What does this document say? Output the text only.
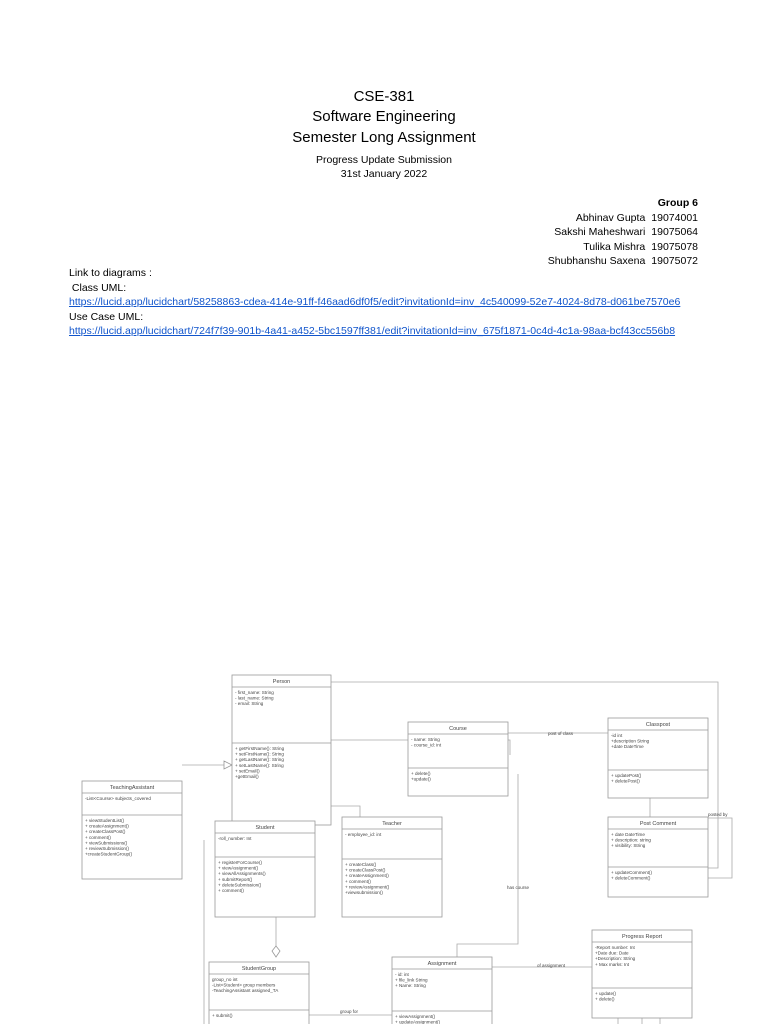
CSE-381
Software Engineering
Semester Long Assignment
Progress Update Submission
31st January 2022
Group 6
Abhinav Gupta	19074001
Sakshi Maheshwari	19075064
Tulika Mishra	19075078
Shubhanshu Saxena	19075072
Link to diagrams :
Class UML:
https://lucid.app/lucidchart/58258863-cdea-414e-91ff-f46aad6df0f5/edit?invitationId=inv_4c540099-52e7-4024-8d78-d061be7570e6
Use Case UML:
https://lucid.app/lucidchart/724f7f39-901b-4a41-a452-5bc1597ff381/edit?invitationId=inv_675f1871-0c4d-4c1a-98aa-bcf43cc556b8
Person
- first_name: String
- last_name: String
- email: String
+ getFirstName(): String
+ setFirstName(): String
+ getLastName(): String
+ setLastName(): String
+ setEmail()
+getEmail()
Course
- name: String
- course_id: int
+ delete()
+update()
Classpost
-id int
+description String
+date DateTime
+ updatePost()
+ deletePost()
TeachingAssistant
-List<Course> subjects_covered
+ viewStudentList()
+ createAssignment()
+ createClassPost()
+ comment()
+ viewSubmissions()
+ reviewSubmission()
+createStudentGroup()
Student
-roll_number: Int
+ registerForCourse()
+ viewAssignment()
+ viewAllAssignments()
+ submitReport()
+ deleteSubmission()
+ comment()
Teacher
- employee_id: int
+ createClass()
+ createClassPost()
+ createAssignment()
+ comment()
+ reviewAssignment()
+viewsubmission()
Post Comment
+ date DateTime
+ description: string
+ visibility: String
+ updateComment()
+ deleteComment()
StudentGroup
group_no int
-List<Student> group members
-TeachingAssistant assigned_TA
+ submit()
Assignment
- id: int
+ file_link String
+ Name: String
+ viewAssignment()
+ updateAssignment()
Progress Report
-Report number: Int
+Date due: Date
+Description: String
+ Max marks: Int
+ update()
+ delete()
post of class
posted by
has course
of assignment
group for
